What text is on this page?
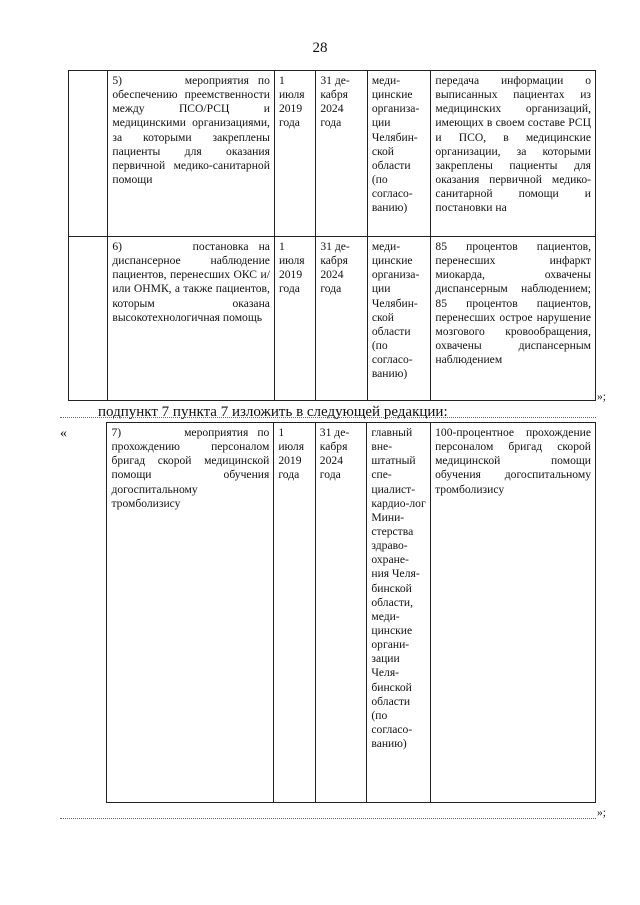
28
	5)       мероприятия по обеспечению преемственности между ПСО/РСЦ и медицинскими организациями, за которыми закреплены пациенты для оказания первичной медико-санитарной помощи	1 июля 2019 года	31 де-кабря 2024 года	меди-цинские организа-ции Челябин-ской области (по согласо-ванию)	передача информации о выписанных пациентах из медицинских организаций, имеющих в своем составе РСЦ и ПСО, в медицинские организации, за которыми закреплены пациенты для оказания первичной медико-санитарной помощи и постановки на
	6)       постановка на диспансерное наблюдение пациентов, перенесших ОКС и/или ОНМК, а также пациентов, которым оказана высокотехнологичная помощь	1 июля 2019 года	31 де-кабря 2024 года	меди-цинские организа-ции Челябин-ской области (по согласо-ванию)	85 процентов пациентов, перенесших инфаркт миокарда, охвачены диспансерным наблюдением; 85 процентов пациентов, перенесших острое нарушение мозгового кровообращения, охвачены диспансерным наблюдением
»;
подпункт 7 пункта 7 изложить в следующей редакции:
«
		7)       мероприятия по прохождению персоналом бригад скорой медицинской помощи обучения догоспитальному тромболизису	1 июля 2019 года	31 де-кабря 2024 года	главный вне-штатный спе-циалист-кардио-лог Мини-стерства здраво-охране-ния Челя-бинской области, меди-цинские органи-зации Челя-бинской области (по согласо-ванию)	100-процентное прохождение персоналом бригад скорой медицинской помощи обучения догоспитальному тромболизису
»;
